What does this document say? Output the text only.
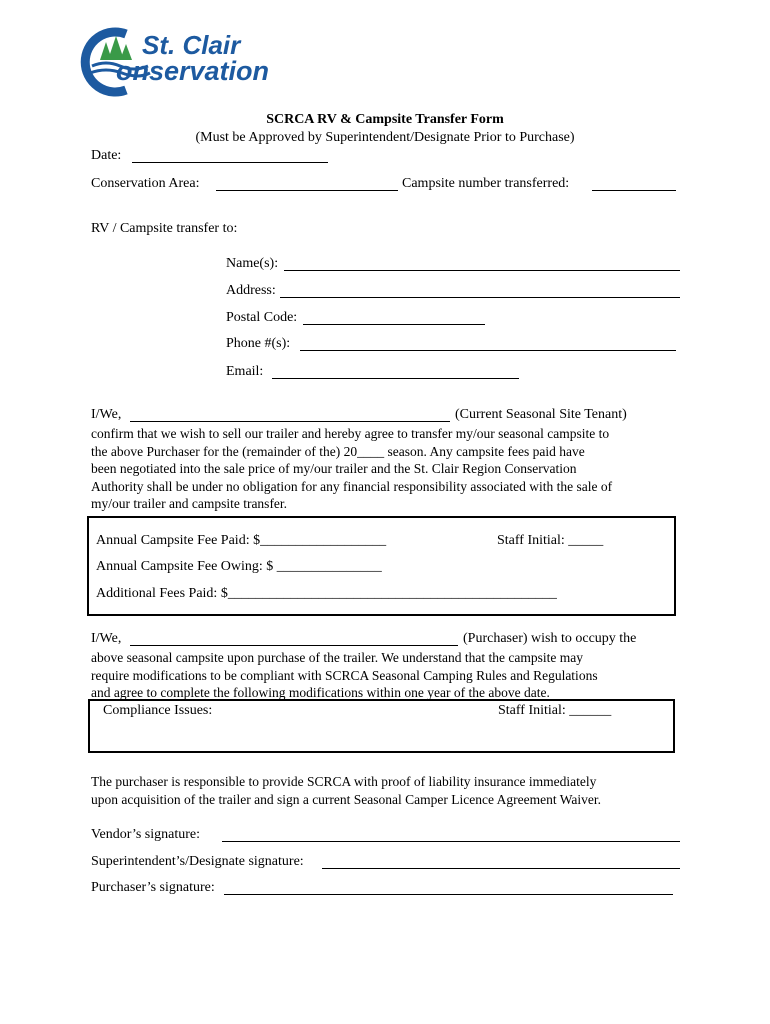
St. Clair
onservation
SCRCA RV & Campsite Transfer Form
(Must be Approved by Superintendent/Designate Prior to Purchase)
Date:
Conservation Area:	Campsite number transferred:
RV / Campsite transfer to:
Name(s):
Address:
Postal Code:
Phone #(s):
Email:
I/We,	(Current Seasonal Site Tenant)
confirm that we wish to sell our trailer and hereby agree to transfer my/our seasonal campsite to
the above Purchaser for the (remainder of the) 20____ season. Any campsite fees paid have
been negotiated into the sale price of my/our trailer and the St. Clair Region Conservation
Authority shall be under no obligation for any financial responsibility associated with the sale of
my/our trailer and campsite transfer.
Annual Campsite Fee Paid: $__________________	Staff Initial: _____
Annual Campsite Fee Owing: $ _______________
Additional Fees Paid: $_______________________________________________
I/We,	(Purchaser) wish to occupy the
above seasonal campsite upon purchase of the trailer. We understand that the campsite may
require modifications to be compliant with SCRCA Seasonal Camping Rules and Regulations
and agree to complete the following modifications within one year of the above date.
Compliance Issues:	Staff Initial: ______
The purchaser is responsible to provide SCRCA with proof of liability insurance immediately
upon acquisition of the trailer and sign a current Seasonal Camper Licence Agreement Waiver.
Vendor’s signature:
Superintendent’s/Designate signature:
Purchaser’s signature:
